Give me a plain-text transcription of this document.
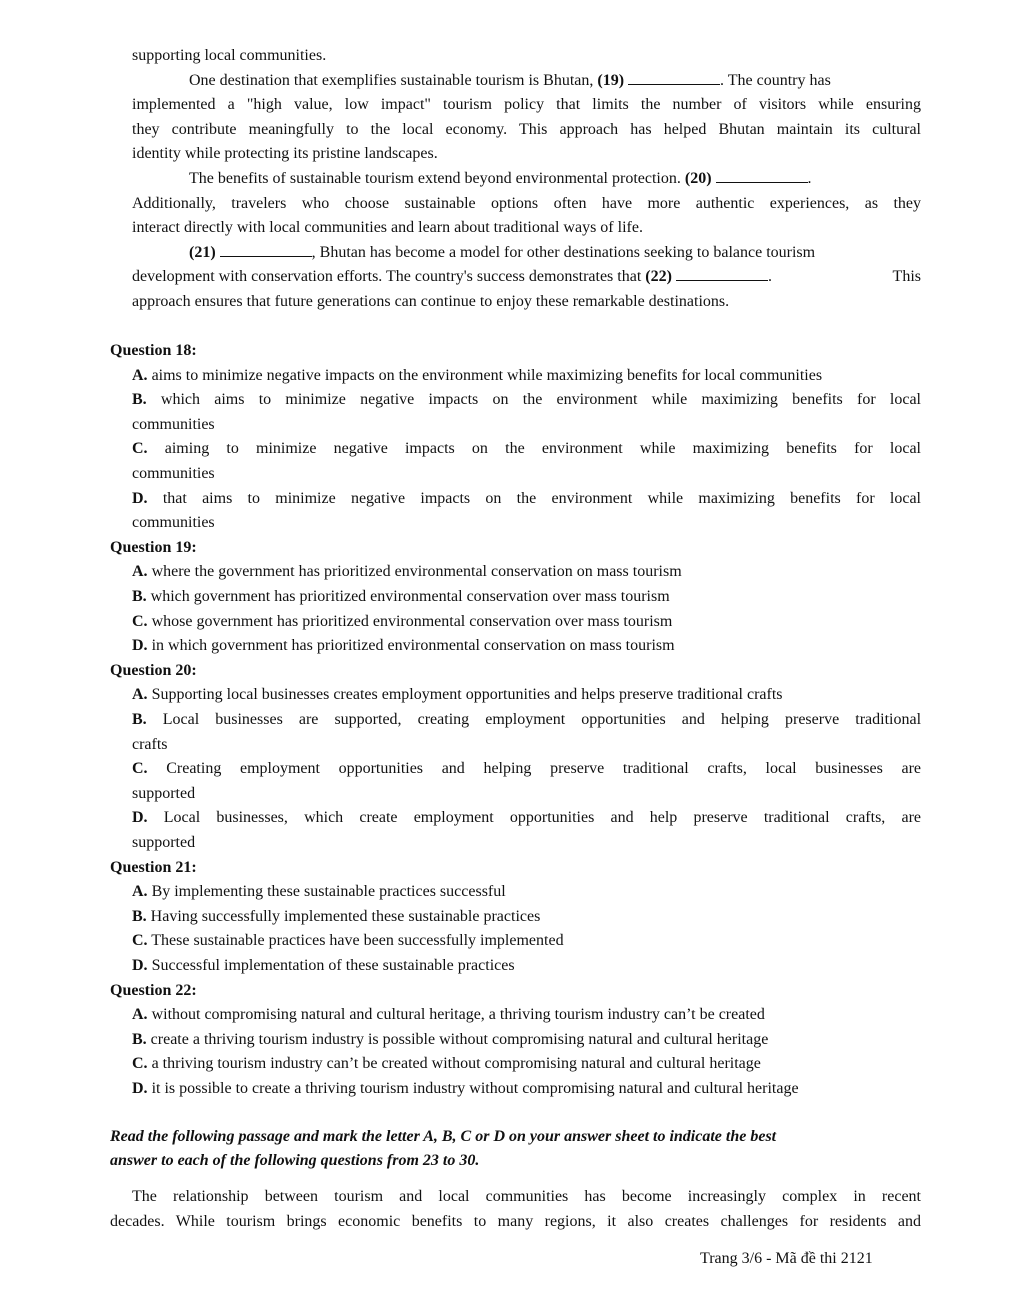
supporting local communities.
One destination that exemplifies sustainable tourism is Bhutan, (19)	. The country has
implemented a "high value, low impact" tourism policy that limits the number of visitors while ensuring
they contribute meaningfully to the local economy. This approach has helped Bhutan maintain its cultural
identity while protecting its pristine landscapes.
The benefits of sustainable tourism extend beyond environmental protection. (20)	.
Additionally, travelers who choose sustainable options often have more authentic experiences, as they
interact directly with local communities and learn about traditional ways of life.
(21)	, Bhutan has become a model for other destinations seeking to balance tourism
development with conservation efforts. The country's success demonstrates that (22)	.	This
approach ensures that future generations can continue to enjoy these remarkable destinations.
Question 18:
A. aims to minimize negative impacts on the environment while maximizing benefits for local communities
B. which aims to minimize negative impacts on the environment while maximizing benefits for local
communities
C. aiming to minimize negative impacts on the environment while maximizing benefits for local
communities
D. that aims to minimize negative impacts on the environment while maximizing benefits for local
communities
Question 19:
A. where the government has prioritized environmental conservation on mass tourism
B. which government has prioritized environmental conservation over mass tourism
C. whose government has prioritized environmental conservation over mass tourism
D. in which government has prioritized environmental conservation on mass tourism
Question 20:
A. Supporting local businesses creates employment opportunities and helps preserve traditional crafts
B. Local businesses are supported, creating employment opportunities and helping preserve traditional
crafts
C. Creating employment opportunities and helping preserve traditional crafts, local businesses are
supported
D. Local businesses, which create employment opportunities and help preserve traditional crafts, are
supported
Question 21:
A. By implementing these sustainable practices successful
B. Having successfully implemented these sustainable practices
C. These sustainable practices have been successfully implemented
D. Successful implementation of these sustainable practices
Question 22:
A. without compromising natural and cultural heritage, a thriving tourism industry can’t be created
B. create a thriving tourism industry is possible without compromising natural and cultural heritage
C. a thriving tourism industry can’t be created without compromising natural and cultural heritage
D. it is possible to create a thriving tourism industry without compromising natural and cultural heritage
Read the following passage and mark the letter A, B, C or D on your answer sheet to indicate the best
answer to each of the following questions from 23 to 30.
The relationship between tourism and local communities has become increasingly complex in recent
decades. While tourism brings economic benefits to many regions, it also creates challenges for residents and
Trang 3/6 - Mã đề thi 2121
